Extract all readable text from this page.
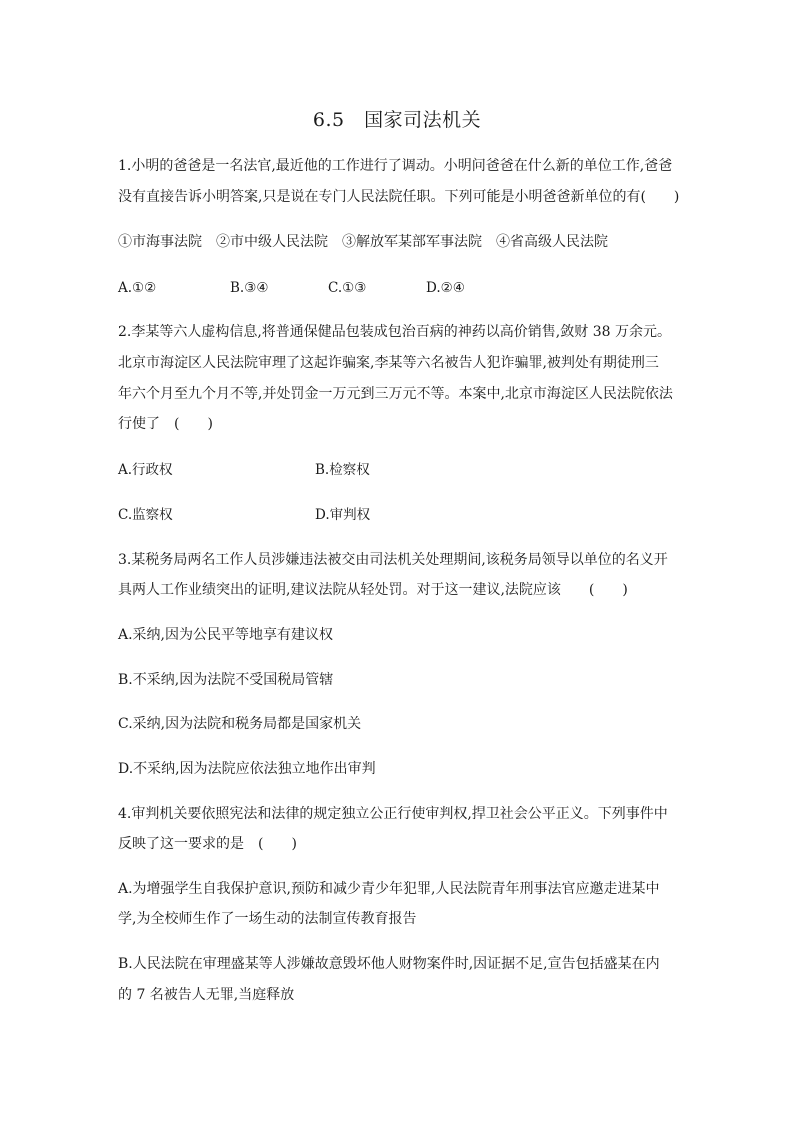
6.5　国家司法机关
1.小明的爸爸是一名法官,最近他的工作进行了调动。小明问爸爸在什么新的单位工作,爸爸
没有直接告诉小明答案,只是说在专门人民法院任职。下列可能是小明爸爸新单位的有(　　)
①市海事法院　②市中级人民法院　③解放军某部军事法院　④省高级人民法院
A.①②	B.③④	C.①③	D.②④
2.李某等六人虚构信息,将普通保健品包装成包治百病的神药以高价销售,敛财 38 万余元。
北京市海淀区人民法院审理了这起诈骗案,李某等六名被告人犯诈骗罪,被判处有期徒刑三
年六个月至九个月不等,并处罚金一万元到三万元不等。本案中,北京市海淀区人民法院依法
行使了　(　　)
A.行政权	B.检察权
C.监察权	D.审判权
3.某税务局两名工作人员涉嫌违法被交由司法机关处理期间,该税务局领导以单位的名义开
具两人工作业绩突出的证明,建议法院从轻处罚。对于这一建议,法院应该　　(　　)
A.采纳,因为公民平等地享有建议权
B.不采纳,因为法院不受国税局管辖
C.采纳,因为法院和税务局都是国家机关
D.不采纳,因为法院应依法独立地作出审判
4.审判机关要依照宪法和法律的规定独立公正行使审判权,捍卫社会公平正义。下列事件中
反映了这一要求的是　(　　)
A.为增强学生自我保护意识,预防和减少青少年犯罪,人民法院青年刑事法官应邀走进某中
学,为全校师生作了一场生动的法制宣传教育报告
B.人民法院在审理盛某等人涉嫌故意毁坏他人财物案件时,因证据不足,宣告包括盛某在内
的 7 名被告人无罪,当庭释放
